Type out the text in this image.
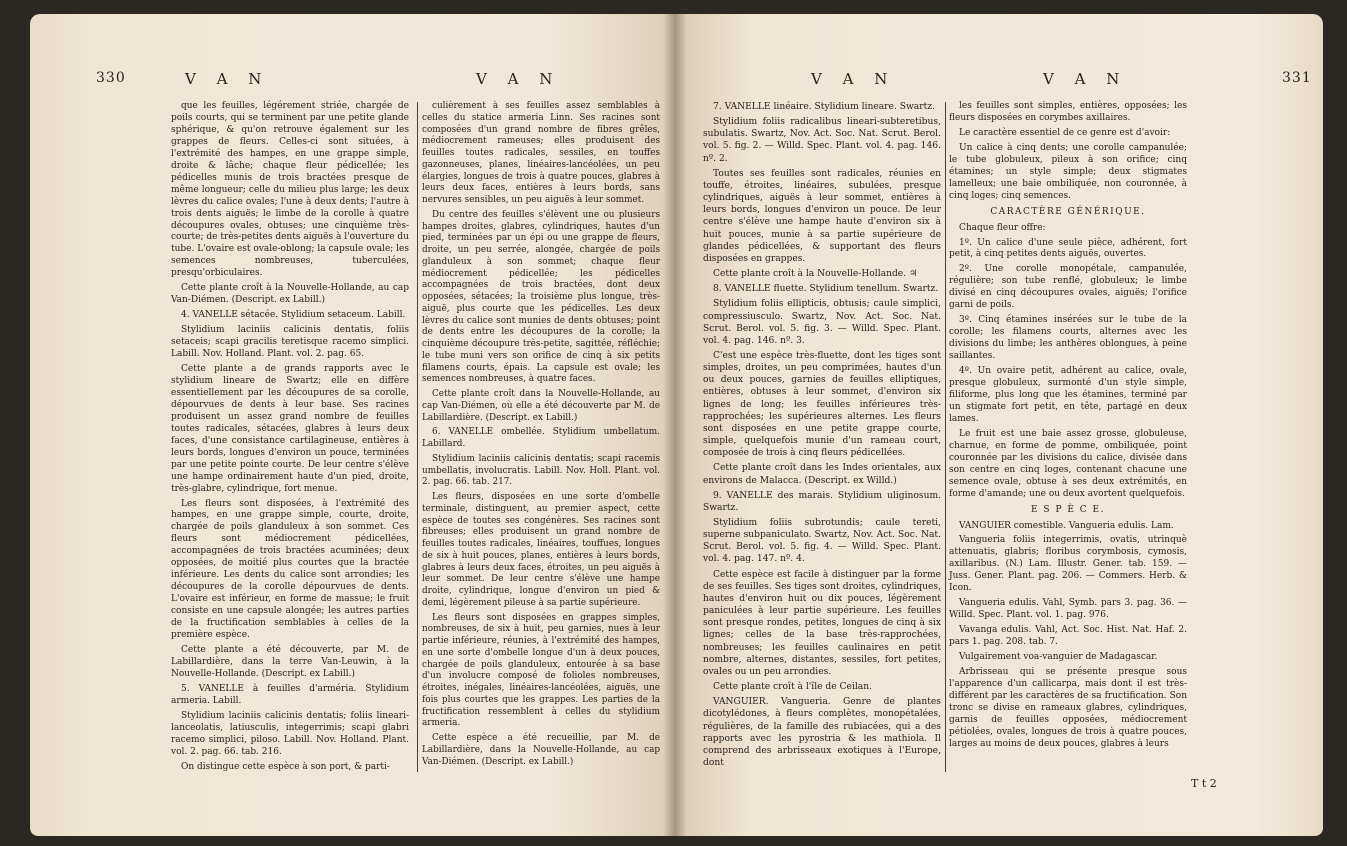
330	V A N	V A N

que les feuilles, légérement striée, chargée de poils courts, qui se terminent par une petite glande sphérique, & qu'on retrouve également sur les grappes de fleurs. Celles-ci sont situées, à l'extrémité des hampes, en une grappe simple, droite & lâche; chaque fleur pédicellée; les pédicelles munis de trois bractées presque de même longueur; celle du milieu plus large; les deux lèvres du calice ovales; l'une à deux dents; l'autre à trois dents aiguës; le limbe de la corolle à quatre découpures ovales, obtuses; une cinquième très-courte; de très-petites dents aiguës à l'ouverture du tube. L'ovaire est ovale-oblong; la capsule ovale; les semences nombreuses, tuberculées, presqu'orbiculaires.

Cette plante croît à la Nouvelle-Hollande, au cap Van-Diémen. (Descript. ex Labill.)

4. VANELLE sétacée. Stylidium setaceum. Labill.

Stylidium laciniis calicinis dentatis, foliis setaceis; scapi gracilis teretisque racemo simplici. Labill. Nov. Holland. Plant. vol. 2. pag. 65.

Cette plante a de grands rapports avec le stylidium lineare de Swartz; elle en diffère essentiellement par les découpures de sa corolle, dépourvues de dents à leur base. Ses racines produisent un assez grand nombre de feuilles toutes radicales, sétacées, glabres à leurs deux faces, d'une consistance cartilagineuse, entières à leurs bords, longues d'environ un pouce, terminées par une petite pointe courte. De leur centre s'élève une hampe ordinairement haute d'un pied, droite, très-glabre, cylindrique, fort menue.

Les fleurs sont disposées, à l'extrémité des hampes, en une grappe simple, courte, droite, chargée de poils glanduleux à son sommet. Ces fleurs sont médiocrement pédicellées, accompagnées de trois bractées acuminées; deux opposées, de moitié plus courtes que la bractée inférieure. Les dents du calice sont arrondies; les découpures de la corolle dépourvues de dents. L'ovaire est inférieur, en forme de massue; le fruit consiste en une capsule alongée; les autres parties de la fructification semblables à celles de la première espèce.

Cette plante a été découverte, par M. de Labillardière, dans la terre Van-Leuwin, à la Nouvelle-Hollande. (Descript. ex Labill.)

5. VANELLE à feuilles d'arméria. Stylidium armeria. Labill.

Stylidium laciniis calicinis dentatis; foliis lineari-lanceolatis, latiusculis, integerrimis; scapi glabri racemo simplici, piloso. Labill. Nov. Holland. Plant. vol. 2. pag. 66. tab. 216.

On distingue cette espèce à son port, & parti-

culièrement à ses feuilles assez semblables à celles du statice armeria Linn. Ses racines sont composées d'un grand nombre de fibres grêles, médiocrement rameuses; elles produisent des feuilles toutes radicales, sessiles, en touffes gazonneuses, planes, linéaires-lancéolées, un peu élargies, longues de trois à quatre pouces, glabres à leurs deux faces, entières à leurs bords, sans nervures sensibles, un peu aiguës à leur sommet.

Du centre des feuilles s'élèvent une ou plusieurs hampes droites, glabres, cylindriques, hautes d'un pied, terminées par un épi ou une grappe de fleurs, droite, un peu serrée, alongée, chargée de poils glanduleux à son sommet; chaque fleur médiocrement pédicellée; les pédicelles accompagnées de trois bractées, dont deux opposées, sétacées; la troisième plus longue, très-aiguë, plus courte que les pédicelles. Les deux lèvres du calice sont munies de dents obtuses; point de dents entre les découpures de la corolle; la cinquième découpure très-petite, sagittée, réfléchie; le tube muni vers son orifice de cinq à six petits filamens courts, épais. La capsule est ovale; les semences nombreuses, à quatre faces.

Cette plante croît dans la Nouvelle-Hollande, au cap Van-Diémen, où elle a été découverte par M. de Labillardière. (Descript. ex Labill.)

6. VANELLE ombellée. Stylidium umbellatum. Labillard.

Stylidium laciniis calicinis dentatis; scapi racemis umbellatis, involucratis. Labill. Nov. Holl. Plant. vol. 2. pag. 66. tab. 217.

Les fleurs, disposées en une sorte d'ombelle terminale, distinguent, au premier aspect, cette espèce de toutes ses congénères. Ses racines sont fibreuses; elles produisent un grand nombre de feuilles toutes radicales, linéaires, touffues, longues de six à huit pouces, planes, entières à leurs bords, glabres à leurs deux faces, étroites, un peu aiguës à leur sommet. De leur centre s'élève une hampe droite, cylindrique, longue d'environ un pied & demi, légèrement pileuse à sa partie supérieure.

Les fleurs sont disposées en grappes simples, nombreuses, de six à huit, peu garnies, nues à leur partie inférieure, réunies, à l'extrémité des hampes, en une sorte d'ombelle longue d'un à deux pouces, chargée de poils glanduleux, entourée à sa base d'un involucre composé de folioles nombreuses, étroites, inégales, linéaires-lancéolées, aiguës, une fois plus courtes que les grappes. Les parties de la fructification ressemblent à celles du stylidium armeria.

Cette espèce a été recueillie, par M. de Labillardière, dans la Nouvelle-Hollande, au cap Van-Diémen. (Descript. ex Labill.)

V A N	V A N	331

7. VANELLE linéaire. Stylidium lineare. Swartz.

Stylidium foliis radicalibus lineari-subteretibus, subulatis. Swartz, Nov. Act. Soc. Nat. Scrut. Berol. vol. 5. fig. 2. — Willd. Spec. Plant. vol. 4. pag. 146. nº. 2.

Toutes ses feuilles sont radicales, réunies en touffe, étroites, linéaires, subulées, presque cylindriques, aiguës à leur sommet, entières à leurs bords, longues d'environ un pouce. De leur centre s'élève une hampe haute d'environ six à huit pouces, munie à sa partie supérieure de glandes pédicellées, & supportant des fleurs disposées en grappes.

Cette plante croît à la Nouvelle-Hollande. ♃

8. VANELLE fluette. Stylidium tenellum. Swartz.

Stylidium foliis ellipticis, obtusis; caule simplici, compressiusculo. Swartz, Nov. Act. Soc. Nat. Scrut. Berol. vol. 5. fig. 3. — Willd. Spec. Plant. vol. 4. pag. 146. nº. 3.

C'est une espèce très-fluette, dont les tiges sont simples, droites, un peu comprimées, hautes d'un ou deux pouces, garnies de feuilles elliptiques, entières, obtuses à leur sommet, d'environ six lignes de long; les feuilles inférieures très-rapprochées; les supérieures alternes. Les fleurs sont disposées en une petite grappe courte, simple, quelquefois munie d'un rameau court, composée de trois à cinq fleurs pédicellées.

Cette plante croît dans les Indes orientales, aux environs de Malacca. (Descript. ex Willd.)

9. VANELLE des marais. Stylidium uliginosum. Swartz.

Stylidium foliis subrotundis; caule tereti, superne subpaniculato. Swartz, Nov. Act. Soc. Nat. Scrut. Berol. vol. 5. fig. 4. — Willd. Spec. Plant. vol. 4. pag. 147. nº. 4.

Cette espèce est facile à distinguer par la forme de ses feuilles. Ses tiges sont droites, cylindriques, hautes d'environ huit ou dix pouces, légèrement paniculées à leur partie supérieure. Les feuilles sont presque rondes, petites, longues de cinq à six lignes; celles de la base très-rapprochées, nombreuses; les feuilles caulinaires en petit nombre, alternes, distantes, sessiles, fort petites, ovales ou un peu arrondies.

Cette plante croît à l'île de Ceilan.

VANGUIER. Vangueria. Genre de plantes dicotylédones, à fleurs complètes, monopétalées, régulières, de la famille des rubiacées, qui a des rapports avec les pyrostria & les mathiola. Il comprend des arbrisseaux exotiques à l'Europe, dont

les feuilles sont simples, entières, opposées; les fleurs disposées en corymbes axillaires.

Le caractère essentiel de ce genre est d'avoir:

Un calice à cinq dents; une corolle campanulée; le tube globuleux, pileux à son orifice; cinq étamines; un style simple; deux stigmates lamelleux; une baie ombiliquée, non couronnée, à cinq loges; cinq semences.

CARACTÈRE GÉNÉRIQUE.

Chaque fleur offre:

1º. Un calice d'une seule pièce, adhérent, fort petit, à cinq petites dents aiguës, ouvertes.

2º. Une corolle monopétale, campanulée, régulière; son tube renflé, globuleux; le limbe divisé en cinq découpures ovales, aiguës; l'orifice garni de poils.

3º. Cinq étamines insérées sur le tube de la corolle; les filamens courts, alternes avec les divisions du limbe; les anthères oblongues, à peine saillantes.

4º. Un ovaire petit, adhérent au calice, ovale, presque globuleux, surmonté d'un style simple, filiforme, plus long que les étamines, terminé par un stigmate fort petit, en tête, partagé en deux lames.

Le fruit est une baie assez grosse, globuleuse, charnue, en forme de pomme, ombiliquée, point couronnée par les divisions du calice, divisée dans son centre en cinq loges, contenant chacune une semence ovale, obtuse à ses deux extrémités, en forme d'amande; une ou deux avortent quelquefois.

E S P È C E.

VANGUIER comestible. Vangueria edulis. Lam.

Vangueria foliis integerrimis, ovatis, utrinquè attenuatis, glabris; floribus corymbosis, cymosis, axillaribus. (N.) Lam. Illustr. Gener. tab. 159. — Juss. Gener. Plant. pag. 206. — Commers. Herb. & Icon.

Vangueria edulis. Vahl, Symb. pars 3. pag. 36. — Willd. Spec. Plant. vol. 1. pag. 976.

Vavanga edulis. Vahl, Act. Soc. Hist. Nat. Haf. 2. pars 1. pag. 208. tab. 7.

Vulgairement voa-vanguier de Madagascar.

Arbrisseau qui se présente presque sous l'apparence d'un callicarpa, mais dont il est très-différent par les caractères de sa fructification. Son tronc se divise en rameaux glabres, cylindriques, garnis de feuilles opposées, médiocrement pétiolées, ovales, longues de trois à quatre pouces, larges au moins de deux pouces, glabres à leurs

T t 2
